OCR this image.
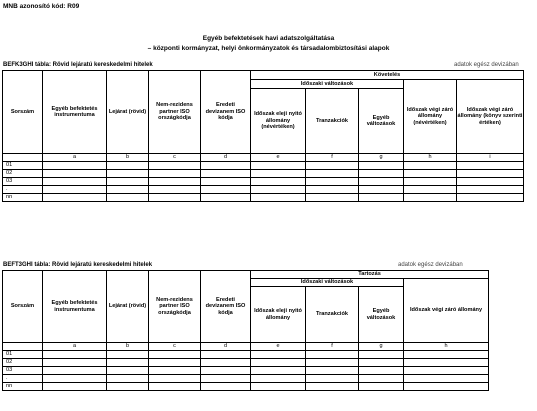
MNB azonosító kód: R09
Egyéb befektetések havi adatszolgáltatása
– központi kormányzat, helyi önkormányzatok és társadalombiztosítási alapok
BEFK3GHI tábla: Rövid lejáratú kereskedelmi hitelek	adatok egész devizában
Sorszám	Egyéb befektetés instrumentuma	Lejárat (rövid)	Nem-rezidens partner ISO országkódja	Eredeti devizanem ISO kódja	Követelés				
					Időszaki változások			Időszak végi záró állomány (névértéken)	Időszak végi záró állomány (könyv szerinti értéken)
					Időszak eleji nyitó állomány (névértéken)	Tranzakciók	Egyéb változások		
	a	b	c	d	e	f	g	h	i
01									
02									
03									
.									
nn									
BEFT3GHI tábla: Rövid lejáratú kereskedelmi hitelek	adatok egész devizában
Sorszám	Egyéb befektetés instrumentuma	Lejárat (rövid)	Nem-rezidens partner ISO országkódja	Eredeti devizanem ISO kódja	Tartozás			
					Időszaki változások			Időszak végi záró állomány
					Időszak eleji nyitó állomány	Tranzakciók	Egyéb változások	
	a	b	c	d	e	f	g	h
01								
02								
03								
.								
nn								
